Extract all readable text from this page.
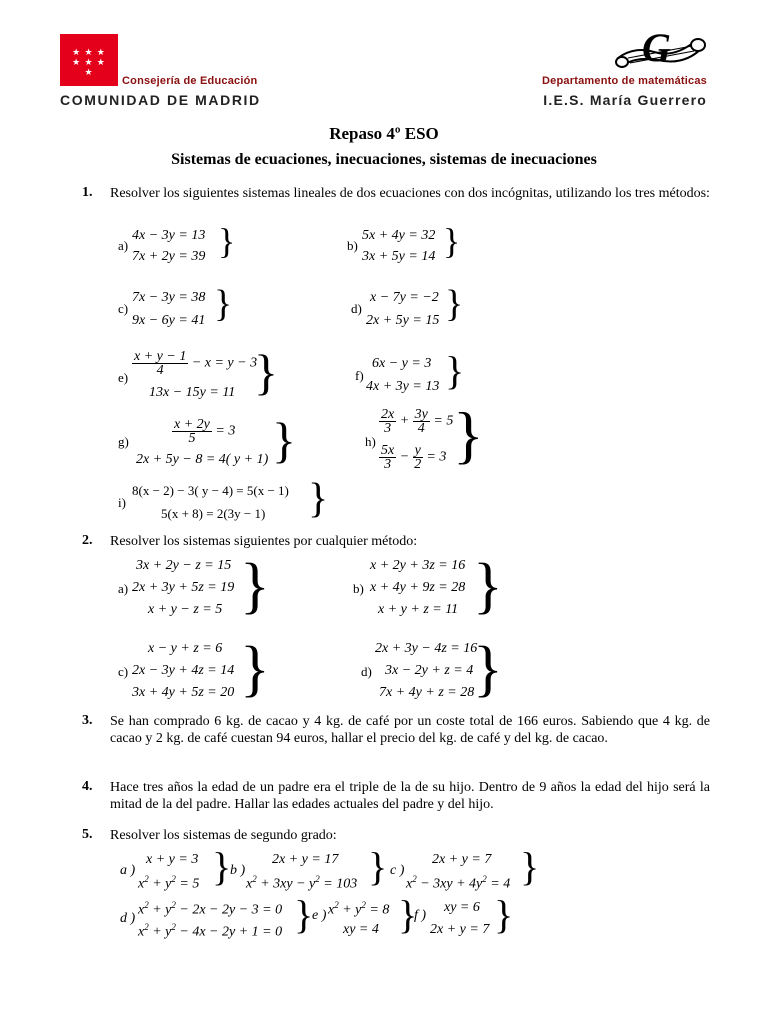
★ ★ ★ ★ ★ ★ ★
Consejería de Educación
COMUNIDAD DE MADRID
G
Departamento de matemáticas
I.E.S. María Guerrero
Repaso 4º ESO
Sistemas de ecuaciones, inecuaciones, sistemas de inecuaciones
1. Resolver los siguientes sistemas lineales de dos ecuaciones con dos incógnitas, utilizando los tres métodos:
a)
4x − 3y = 13
7x + 2y = 39 }	b)
5x + 4y = 32
3x + 5y = 14 }
c)
7x − 3y = 38
9x − 6y = 41 }	d)
x − 7y = −2
2x + 5y = 15 }
e)
$\frac{x + y - 1}{4} - x = y - 3$
13x − 15y = 11 }	f)
6x − y = 3
4x + 3y = 13 }
g)	$\frac{x + 2y}{5} = 3$
2x + 5y − 8 = 4( y + 1) }	h)
$\frac{2x}{3} + \frac{3y}{4} = 5$
$\frac{5x}{3} - \frac{y}{2} = 3$ }
i)
8(x − 2) − 3( y − 4) = 5(x − 1)
5(x + 8) = 2(3y − 1) }
2. Resolver los sistemas siguientes por cualquier método:
a)
3x + 2y − z = 15
2x + 3y + 5z = 19
x + y − z = 5 }	b)
x + 2y + 3z = 16
x + 4y + 9z = 28
x + y + z = 11 }
c)
x − y + z = 6
2x − 3y + 4z = 14
3x + 4y + 5z = 20 }	d)
2x + 3y − 4z = 16
3x − 2y + z = 4
7x + 4y + z = 28
}
3. Se han comprado 6 kg. de cacao y 4 kg. de café por un coste total de 166 euros. Sabiendo que 4 kg. de cacao y 2 kg. de café cuestan 94 euros, hallar el precio del kg. de café y del kg. de cacao.
4. Hace tres años la edad de un padre era el triple de la de su hijo. Dentro de 9 años la edad del hijo será la mitad de la del padre. Hallar las edades actuales del padre y del hijo.
5. Resolver los sistemas de segundo grado:
a )
x + y = 3
$x^2 + y^2 = 5$ }
b )
2x + y = 17
$x^2 + 3xy - y^2 = 103$ } c )
2x + y = 7
$x^2 - 3xy + 4y^2 = 4$ }
d )
$x^2 + y^2 - 2x - 2y - 3 = 0$
$x^2 + y^2 - 4x - 2y + 1 = 0$ }
e ) $x^2 + y^2 = 8$
xy = 4 }
f )
xy = 6
2x + y = 7 }
